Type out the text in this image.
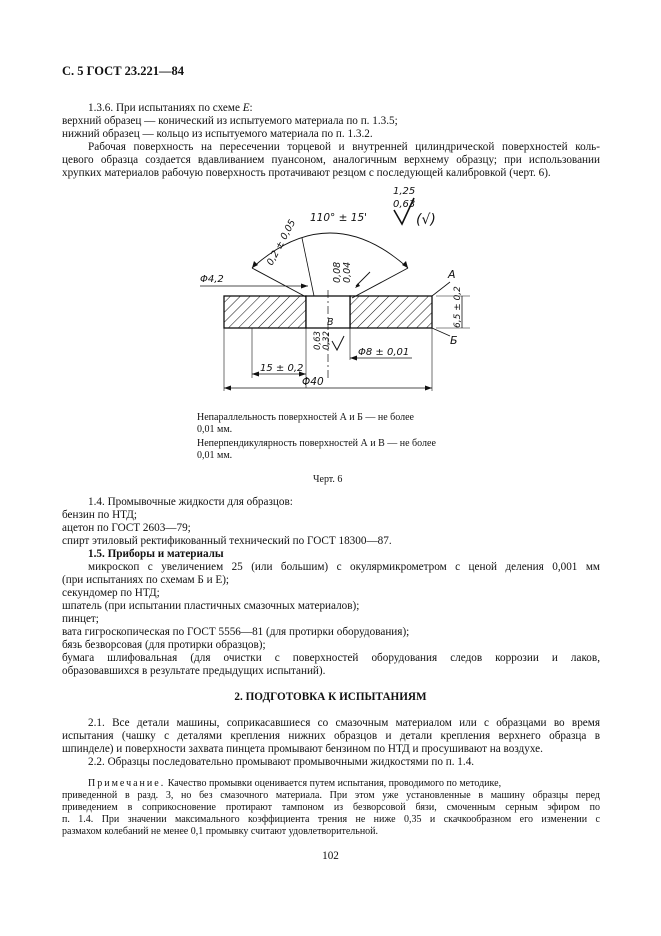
С. 5 ГОСТ 23.221—84
1.3.6. При испытаниях по схеме Е:
верхний образец — конический из испытуемого материала по п. 1.3.5;
нижний образец — кольцо из испытуемого материала по п. 1.3.2.
Рабочая поверхность на пересечении торцевой и внутренней цилиндрической поверхностей коль-
цевого образца создается вдавливанием пуансоном, аналогичным верхнему образцу; при использовании
хрупких материалов рабочую поверхность протачивают резцом с последующей калибровкой (черт. 6).
1,25
0,63
(√)
110° ± 15'
0,2 ± 0,05
0,08 0,04
Φ4,2
В
А
Б
6,5 ± 0,2
0,63 0,32
Φ8 ± 0,01
15 ± 0,2
Φ40
Непараллельность поверхностей А и Б — не более
0,01 мм.
Неперпендикулярность поверхностей А и В — не более
0,01 мм.
Черт. 6
1.4. Промывочные жидкости для образцов:
бензин по НТД;
ацетон по ГОСТ 2603—79;
спирт этиловый ректификованный технический по ГОСТ 18300—87.
1.5. Приборы и материалы
микроскоп с увеличением 25 (или большим) с окулярмикрометром с ценой деления 0,001 мм
(при испытаниях по схемам Б и Е);
секундомер по НТД;
шпатель (при испытании пластичных смазочных материалов);
пинцет;
вата гигроскопическая по ГОСТ 5556—81 (для протирки оборудования);
бязь безворсовая (для протирки образцов);
бумага шлифовальная (для очистки с поверхностей оборудования следов коррозии и лаков,
образовавшихся в результате предыдущих испытаний).
2. ПОДГОТОВКА К ИСПЫТАНИЯМ
2.1. Все детали машины, соприкасавшиеся со смазочным материалом или с образцами во время
испытания (чашку с деталями крепления нижних образцов и детали крепления верхнего образца в
шпинделе) и поверхности захвата пинцета промывают бензином по НТД и просушивают на воздухе.
2.2. Образцы последовательно промывают промывочными жидкостями по п. 1.4.
Примечание. Качество промывки оценивается путем испытания, проводимого по методике,
приведенной в разд. 3, но без смазочного материала. При этом уже установленные в машину образцы перед
приведением в соприкосновение протирают тампоном из безворсовой бязи, смоченным серным эфиром по
п. 1.4. При значении максимального коэффициента трения не ниже 0,35 и скачкообразном его изменении с
размахом колебаний не менее 0,1 промывку считают удовлетворительной.
102
